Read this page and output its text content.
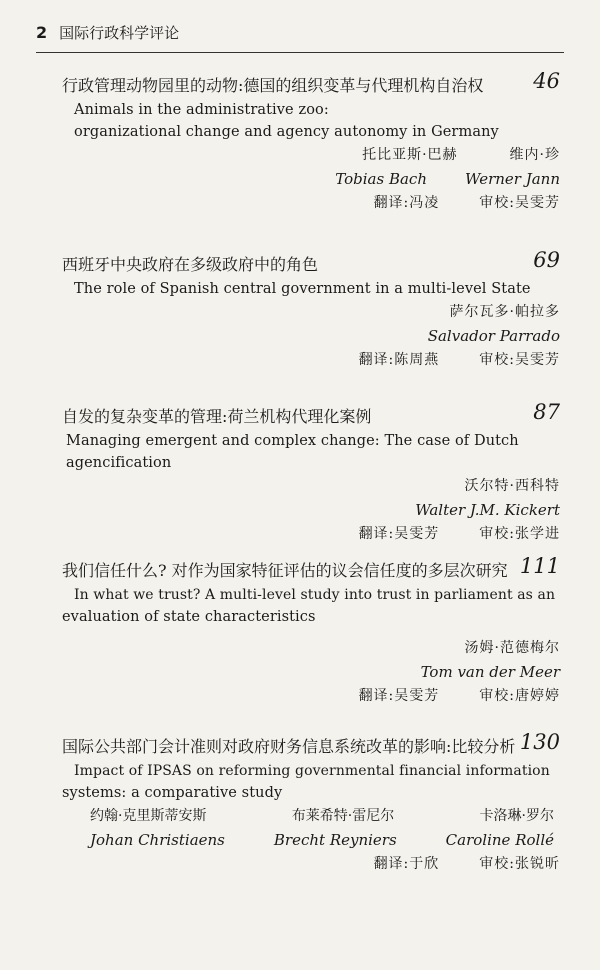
2 国际行政科学评论
行政管理动物园里的动物:德国的组织变革与代理机构自治权 46
Animals in the administrative zoo:
organizational change and agency autonomy in Germany
托比亚斯·巴赫	维内·珍
Tobias Bach	Werner Jann
翻译:冯凌	审校:吴雯芳
西班牙中央政府在多级政府中的角色	69
The role of Spanish central government in a multi-level State
萨尔瓦多·帕拉多
Salvador Parrado
翻译:陈周燕	审校:吴雯芳
自发的复杂变革的管理:荷兰机构代理化案例	87
Managing emergent and complex change: The case of Dutch agencification
沃尔特·西科特
Walter J.M. Kickert
翻译:吴雯芳	审校:张学进
我们信任什么? 对作为国家特征评估的议会信任度的多层次研究 111
In what we trust? A multi-level study into trust in parliament as an
evaluation of state characteristics
汤姆·范德梅尔
Tom van der Meer
翻译:吴雯芳	审校:唐婷婷
国际公共部门会计准则对政府财务信息系统改革的影响:比较分析 130
Impact of IPSAS on reforming governmental financial information
systems: a comparative study
约翰·克里斯蒂安斯	布莱希特·雷尼尔	卡洛琳·罗尔
Johan Christiaens	Brecht Reyniers	Caroline Rollé
翻译:于欣	审校:张锐昕
